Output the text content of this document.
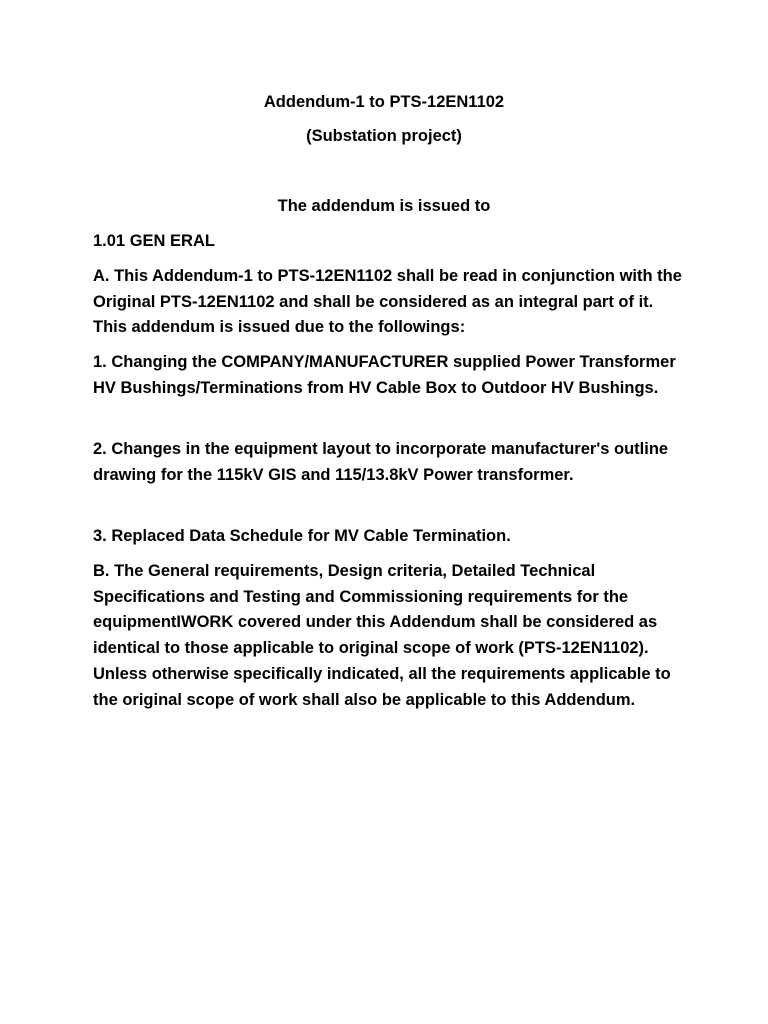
Addendum-1 to PTS-12EN1102
(Substation project)
The addendum is issued to

1.01 GEN ERAL

A. This Addendum-1 to PTS-12EN1102 shall be read in conjunction with the Original PTS-12EN1102 and shall be considered as an integral part of it. This addendum is issued due to the followings:

1. Changing the COMPANY/MANUFACTURER supplied Power Transformer HV Bushings/Terminations from HV Cable Box to Outdoor HV Bushings.

2. Changes in the equipment layout to incorporate manufacturer's outline drawing for the 115kV GIS and 115/13.8kV Power transformer.

3. Replaced Data Schedule for MV Cable Termination.

B. The General requirements, Design criteria, Detailed Technical Specifications and Testing and Commissioning requirements for the equipmentIWORK covered under this Addendum shall be considered as identical to those applicable to original scope of work (PTS-12EN1102). Unless otherwise specifically indicated, all the requirements applicable to the original scope of work shall also be applicable to this Addendum.
